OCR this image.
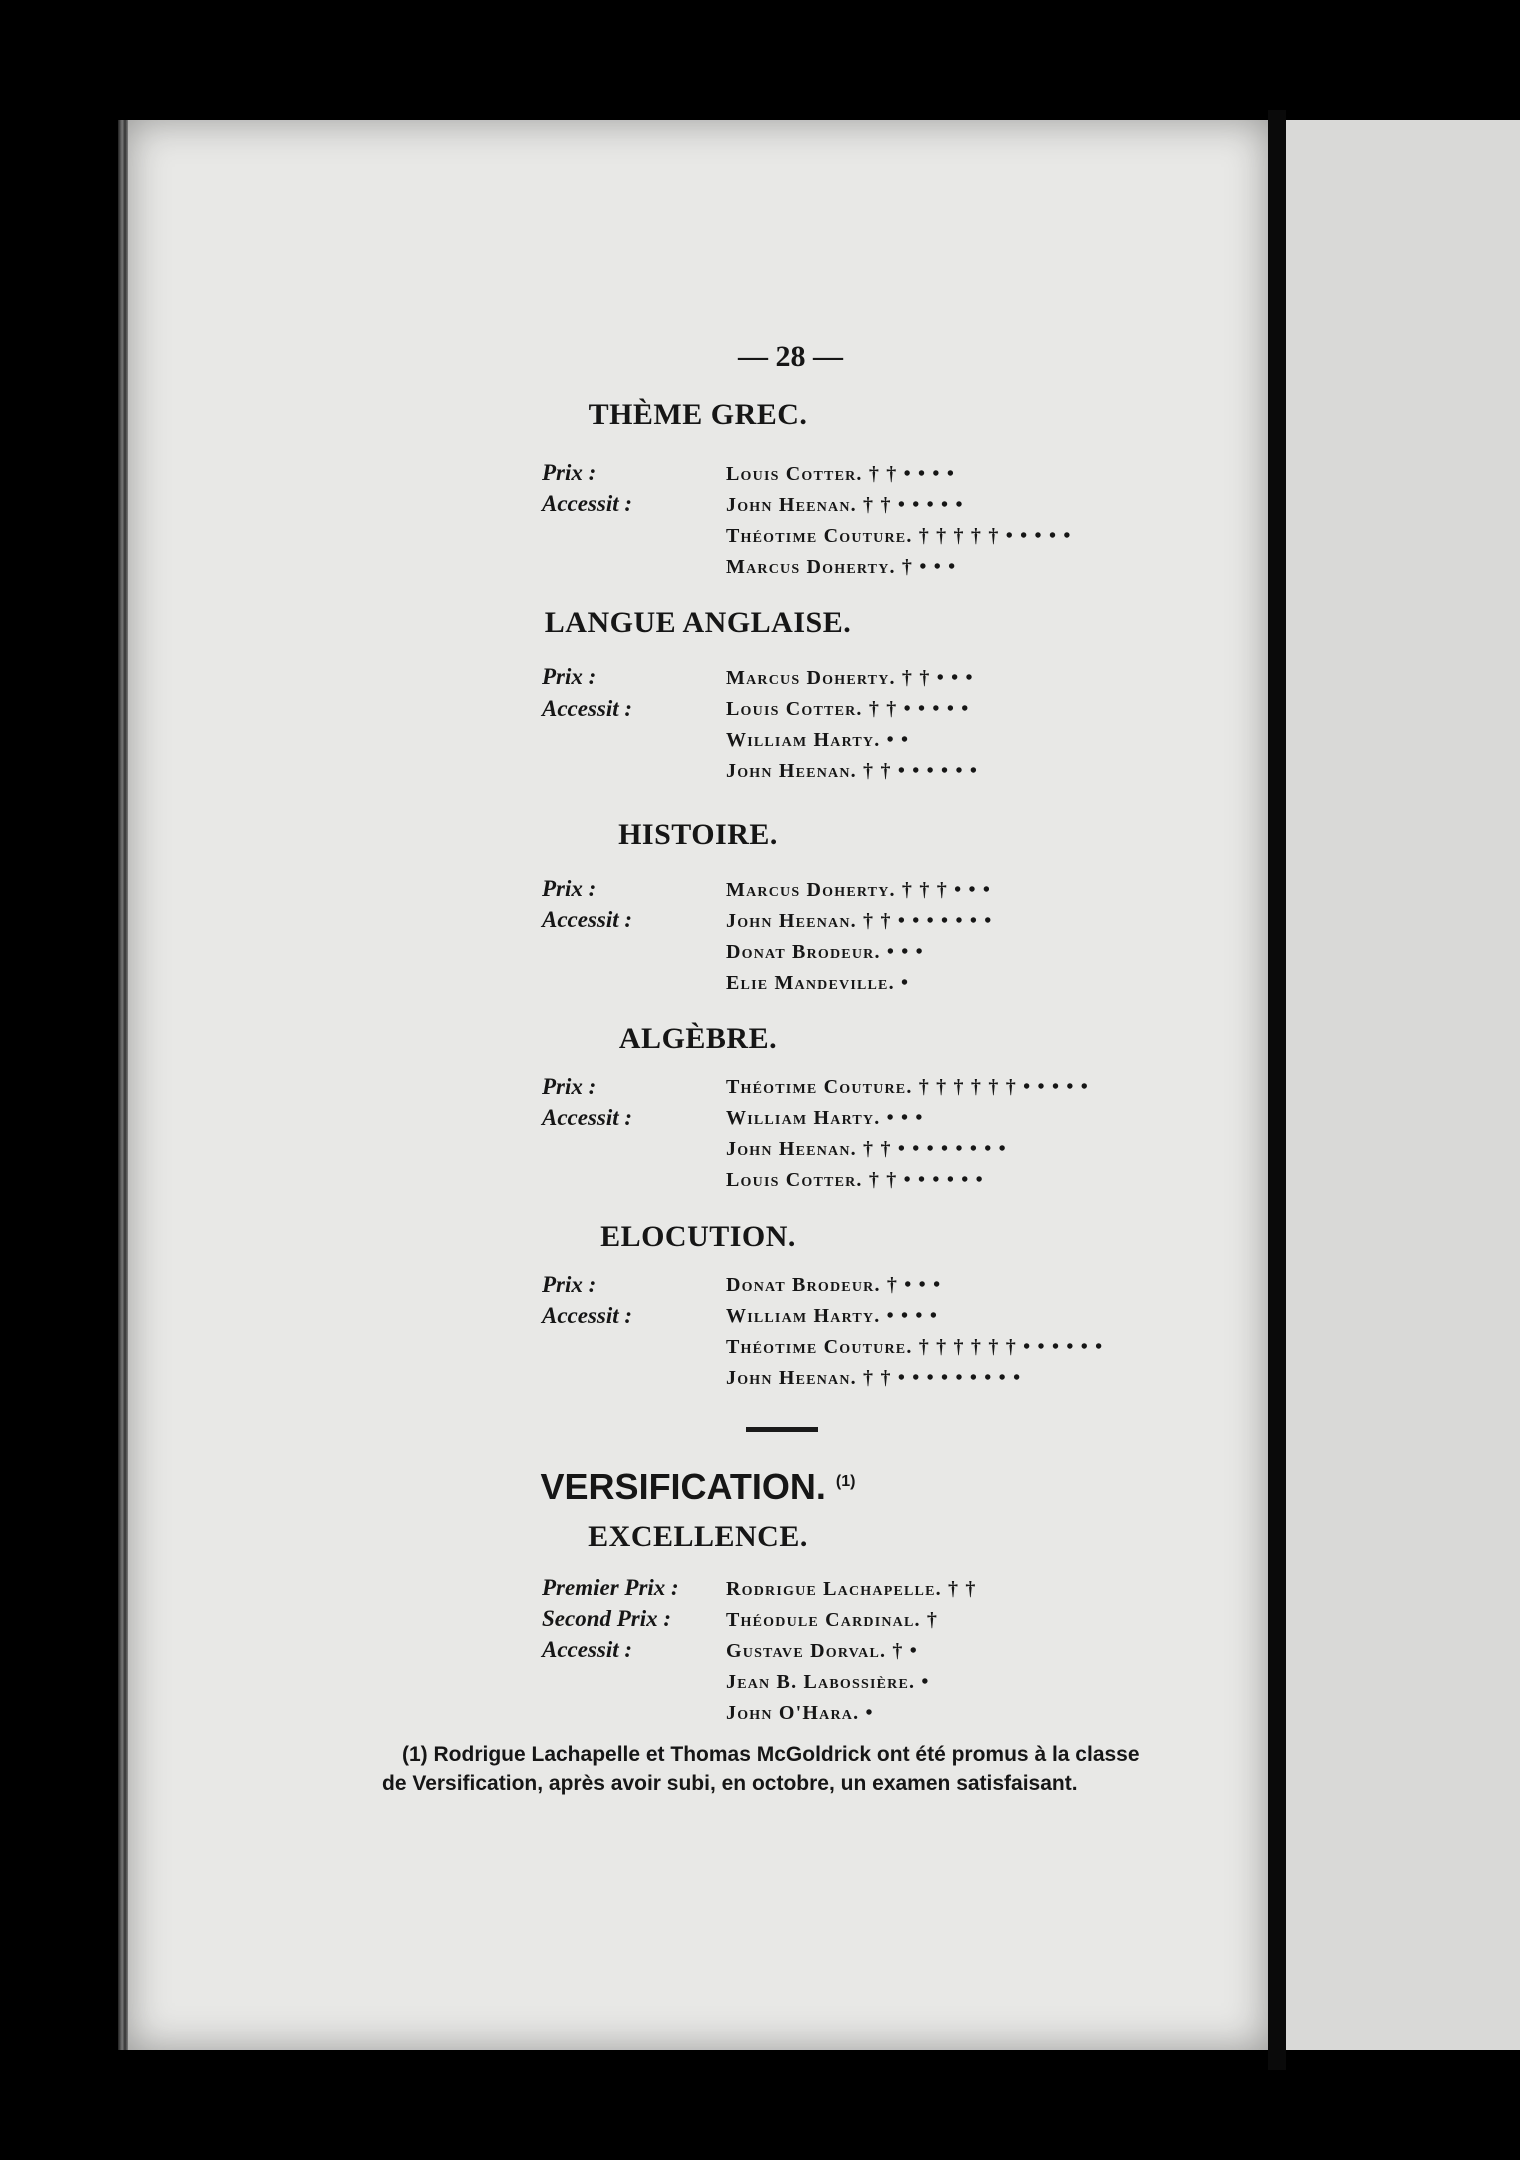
— 28 —
THÈME GREC.
Prix :
Accessit :
Louis Cotter. † † • • • •
John Heenan. † † • • • • •
Théotime Couture. † † † † † • • • • •
Marcus Doherty. † • • •
LANGUE ANGLAISE.
Prix :
Accessit :
Marcus Doherty. † † • • •
Louis Cotter. † † • • • • •
William Harty. • •
John Heenan. † † • • • • • •
HISTOIRE.
Prix :
Accessit :
Marcus Doherty. † † † • • •
John Heenan. † † • • • • • • •
Donat Brodeur. • • •
Elie Mandeville. •
ALGÈBRE.
Prix :
Accessit :
Théotime Couture. † † † † † † • • • • •
William Harty. • • •
John Heenan. † † • • • • • • • •
Louis Cotter. † † • • • • • •
ELOCUTION.
Prix :
Accessit :
Donat Brodeur. † • • •
William Harty. • • • •
Théotime Couture. † † † † † † • • • • • •
John Heenan. † † • • • • • • • • •
VERSIFICATION. $^{(1)}$
EXCELLENCE.
Premier Prix :
Second Prix :
Accessit :
Rodrigue Lachapelle. † †
Théodule Cardinal. †
Gustave Dorval. † •
Jean B. Labossière. •
John O'Hara. •
(1) Rodrigue Lachapelle et Thomas McGoldrick ont été promus à la classe
de Versification, après avoir subi, en octobre, un examen satisfaisant.
